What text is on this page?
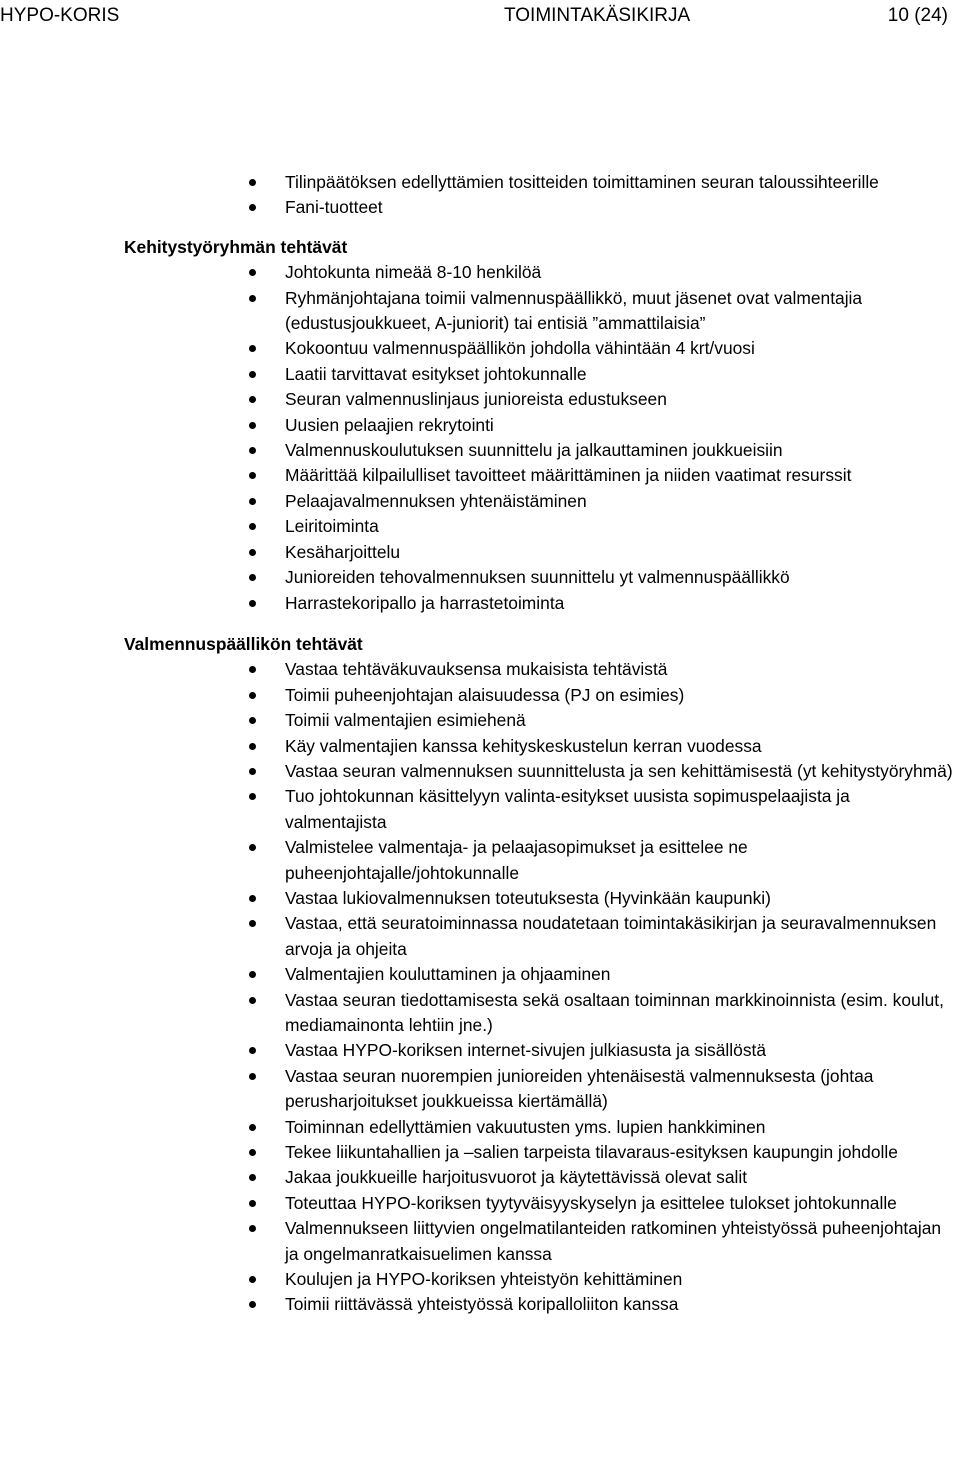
HYPO-KORIS	TOIMINTAKÄSIKIRJA	10 (24)
Tilinpäätöksen edellyttämien tositteiden toimittaminen seuran taloussihteerille
Fani-tuotteet
Kehitystyöryhmän tehtävät
Johtokunta nimeää 8-10 henkilöä
Ryhmänjohtajana toimii valmennuspäällikkö, muut jäsenet ovat valmentajia (edustusjoukkueet, A-juniorit) tai entisiä ”ammattilaisia”
Kokoontuu valmennuspäällikön johdolla vähintään 4 krt/vuosi
Laatii tarvittavat esitykset johtokunnalle
Seuran valmennuslinjaus junioreista edustukseen
Uusien pelaajien rekrytointi
Valmennuskoulutuksen suunnittelu ja jalkauttaminen joukkueisiin
Määrittää kilpailulliset tavoitteet määrittäminen ja niiden vaatimat resurssit
Pelaajavalmennuksen yhtenäistäminen
Leiritoiminta
Kesäharjoittelu
Junioreiden tehovalmennuksen suunnittelu yt valmennuspäällikkö
Harrastekoripallo ja harrastetoiminta
Valmennuspäällikön tehtävät
Vastaa tehtäväkuvauksensa mukaisista tehtävistä
Toimii puheenjohtajan alaisuudessa (PJ on esimies)
Toimii valmentajien esimiehenä
Käy valmentajien kanssa kehityskeskustelun kerran vuodessa
Vastaa seuran valmennuksen suunnittelusta ja sen kehittämisestä (yt kehitystyöryhmä)
Tuo johtokunnan käsittelyyn valinta-esitykset uusista sopimuspelaajista ja valmentajista
Valmistelee valmentaja- ja pelaajasopimukset ja esittelee ne puheenjohtajalle/johtokunnalle
Vastaa lukiovalmennuksen toteutuksesta (Hyvinkään kaupunki)
Vastaa, että seuratoiminnassa noudatetaan toimintakäsikirjan ja seuravalmennuksen arvoja ja ohjeita
Valmentajien kouluttaminen ja ohjaaminen
Vastaa seuran tiedottamisesta sekä osaltaan toiminnan markkinoinnista (esim. koulut, mediamainonta lehtiin jne.)
Vastaa HYPO-koriksen internet-sivujen julkiasusta ja sisällöstä
Vastaa seuran nuorempien junioreiden yhtenäisestä valmennuksesta (johtaa perusharjoitukset joukkueissa kiertämällä)
Toiminnan edellyttämien vakuutusten yms. lupien hankkiminen
Tekee liikuntahallien ja –salien tarpeista tilavaraus-esityksen kaupungin johdolle
Jakaa joukkueille harjoitusvuorot ja käytettävissä olevat salit
Toteuttaa HYPO-koriksen tyytyväisyyskyselyn ja esittelee tulokset johtokunnalle
Valmennukseen liittyvien ongelmatilanteiden ratkominen yhteistyössä puheenjohtajan ja ongelmanratkaisuelimen kanssa
Koulujen ja HYPO-koriksen yhteistyön kehittäminen
Toimii riittävässä yhteistyössä koripalloliiton kanssa
